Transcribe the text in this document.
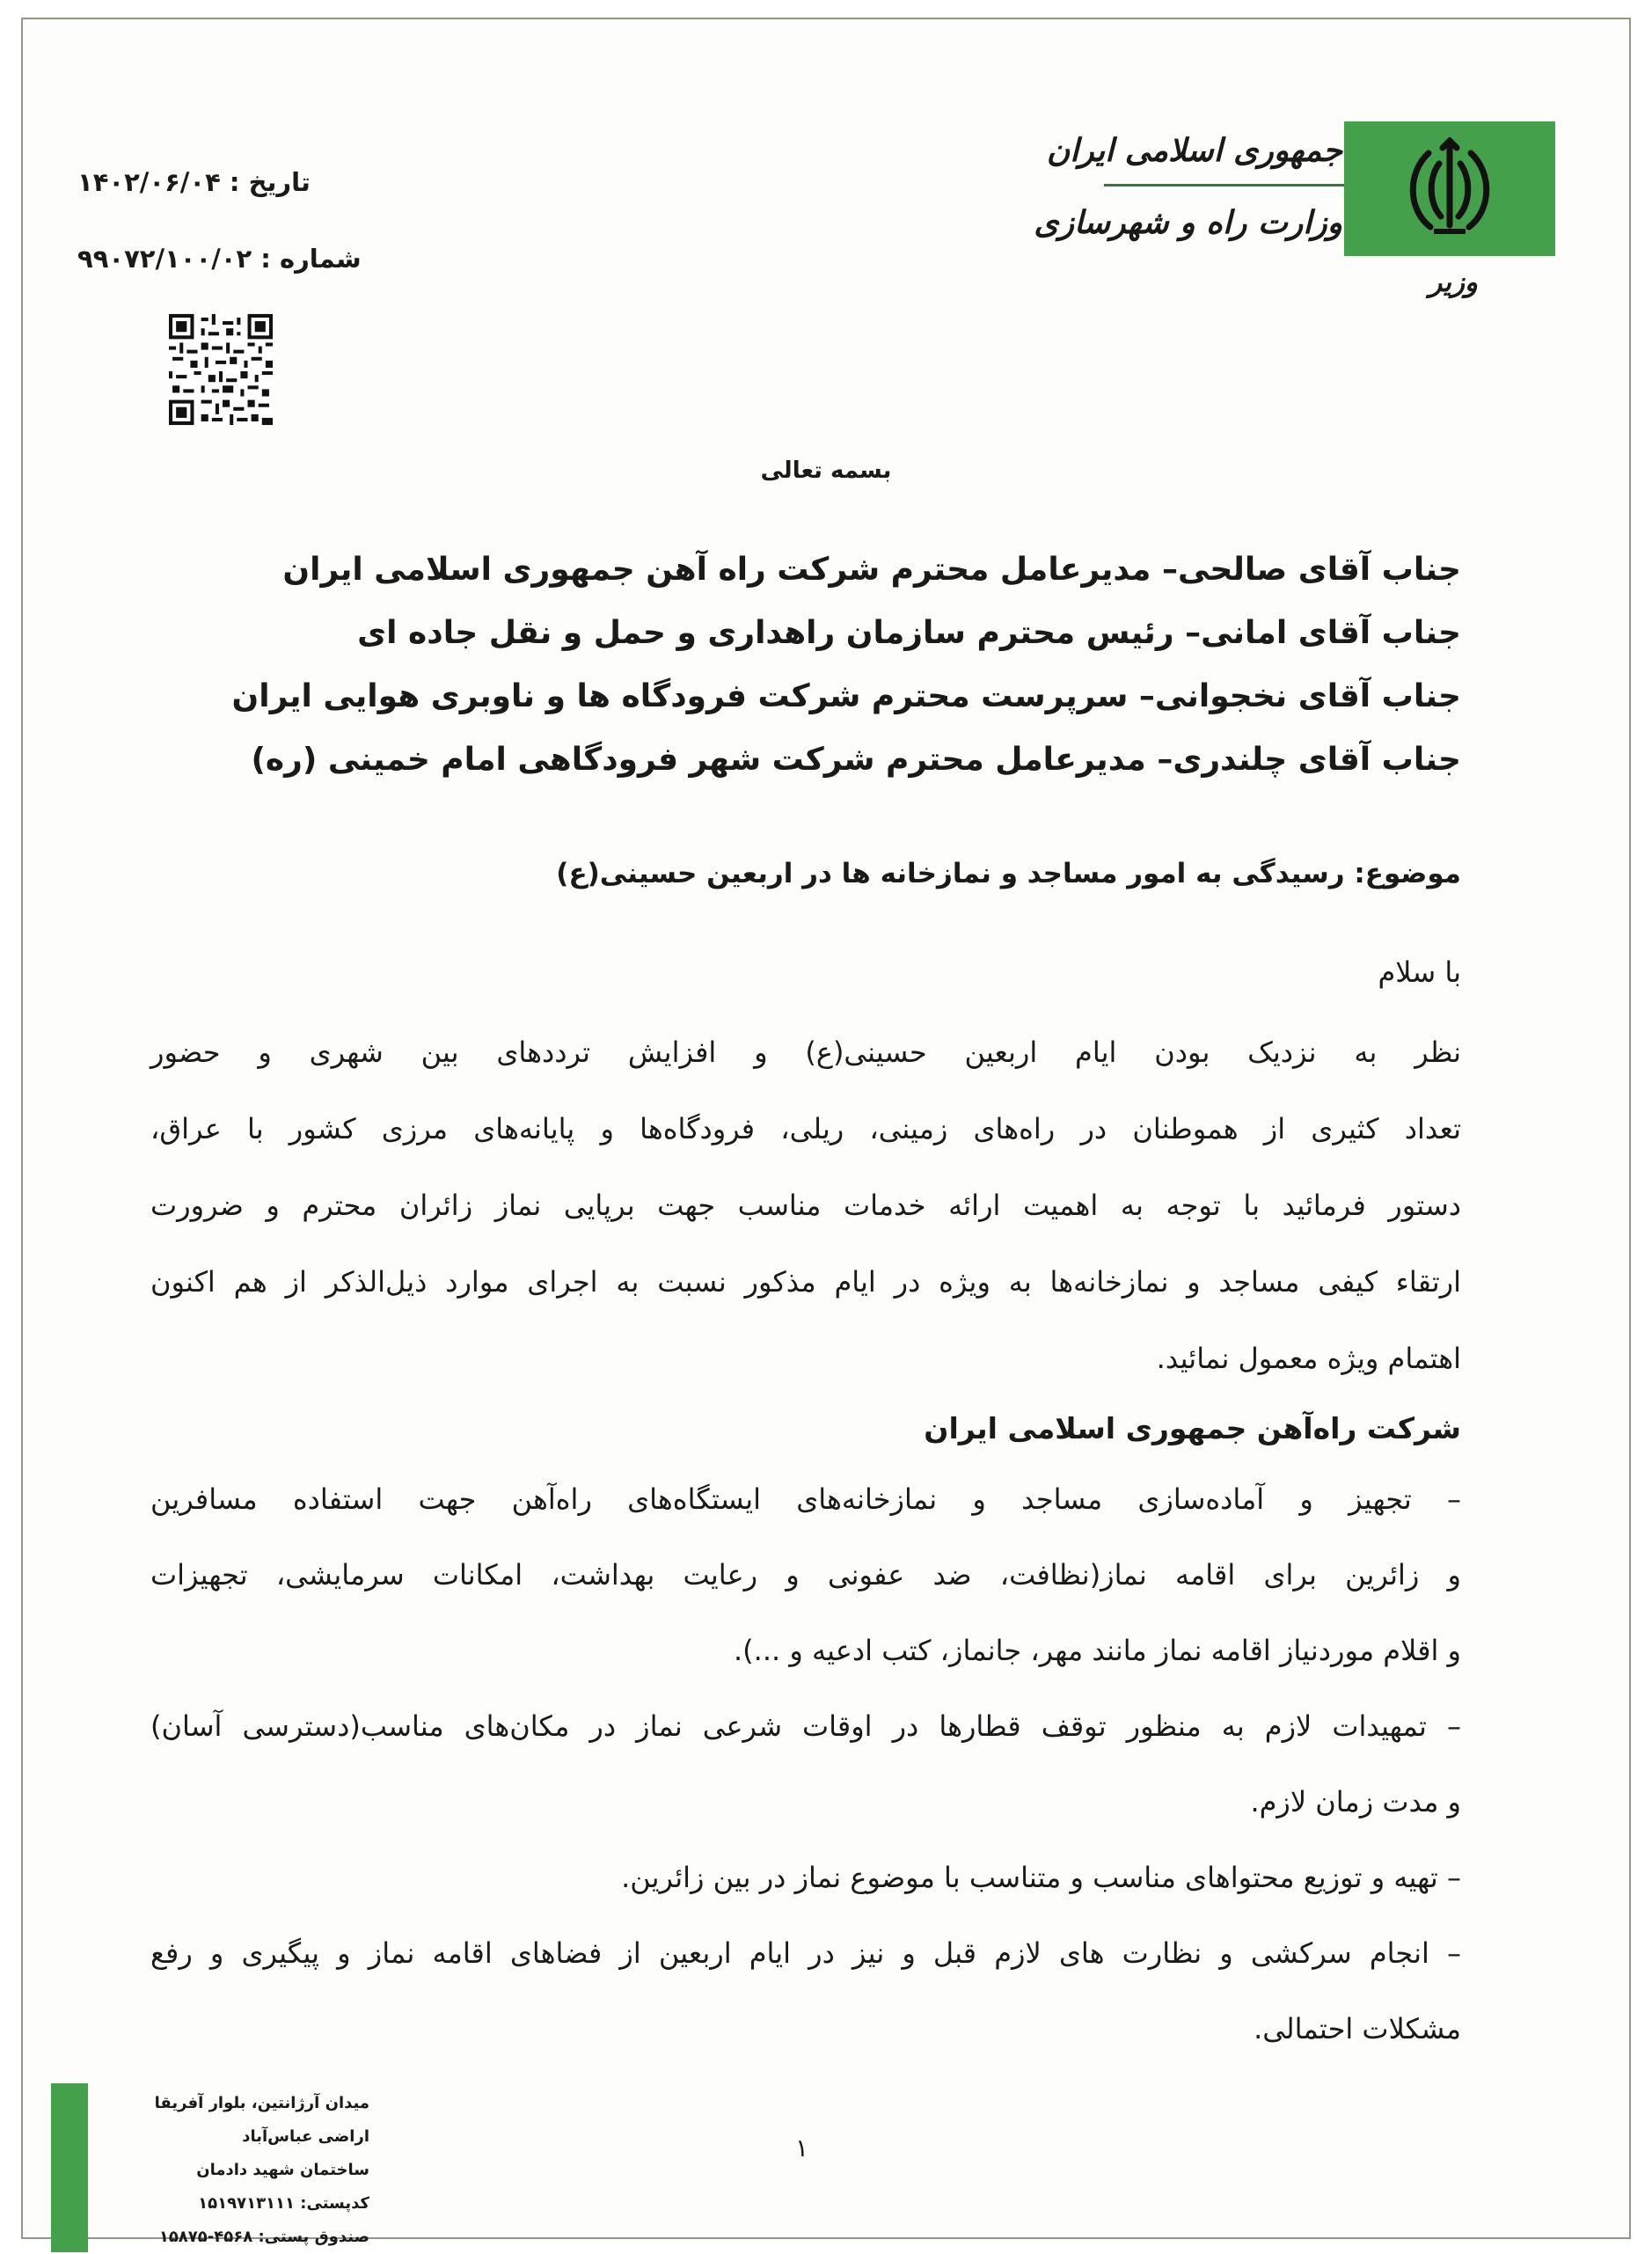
جمهوری اسلامی ایران
وزارت راه و شهرسازی
وزیر
تاریخ : ۱۴۰۲/۰۶/۰۴
شماره : ۹۹۰۷۲/۱۰۰/۰۲
بسمه تعالی
جناب آقای صالحی– مدیرعامل محترم شرکت راه آهن جمهوری اسلامی ایران
جناب آقای امانی– رئیس محترم سازمان راهداری و حمل و نقل جاده ای
جناب آقای نخجوانی– سرپرست محترم شرکت فرودگاه ها و ناوبری هوایی ایران
جناب آقای چلندری– مدیرعامل محترم شرکت شهر فرودگاهی امام خمینی (ره)
موضوع: رسیدگی به امور مساجد و نمازخانه ها در اربعین حسینی(ع)
با سلام
نظر به نزدیک بودن ایام اربعین حسینی(ع) و افزایش ترددهای بین شهری و حضور
تعداد کثیری از هموطنان در راه‌های زمینی، ریلی، فرودگاه‌ها و پایانه‌های مرزی کشور با عراق،
دستور فرمائید با توجه به اهمیت ارائه خدمات مناسب جهت برپایی نماز زائران محترم و ضرورت
ارتقاء کیفی مساجد و نمازخانه‌ها به ویژه در ایام مذکور نسبت به اجرای موارد ذیل‌الذکر از هم اکنون
اهتمام ویژه معمول نمائید.
شرکت راه‌آهن جمهوری اسلامی ایران
– تجهیز و آماده‌سازی مساجد و نمازخانه‌های ایستگاه‌های راه‌آهن جهت استفاده مسافرین
و زائرین برای اقامه نماز(نظافت، ضد عفونی و رعایت بهداشت، امکانات سرمایشی، تجهیزات
و اقلام موردنیاز اقامه نماز مانند مهر، جانماز، کتب ادعیه و ...).
– تمهیدات لازم به منظور توقف قطارها در اوقات شرعی نماز در مکان‌های مناسب(دسترسی آسان)
و مدت زمان لازم.
– تهیه و توزیع محتواهای مناسب و متناسب با موضوع نماز در بین زائرین.
– انجام سرکشی و نظارت های لازم قبل و نیز در ایام اربعین از فضاهای اقامه نماز و پیگیری و رفع
مشکلات احتمالی.
۱
میدان آرژانتین، بلوار آفریقا
اراضی عباس‌آباد
ساختمان شهید دادمان
کدپستی: ۱۵۱۹۷۱۳۱۱۱
صندوق پستی: ۴۵۶۸-۱۵۸۷۵
